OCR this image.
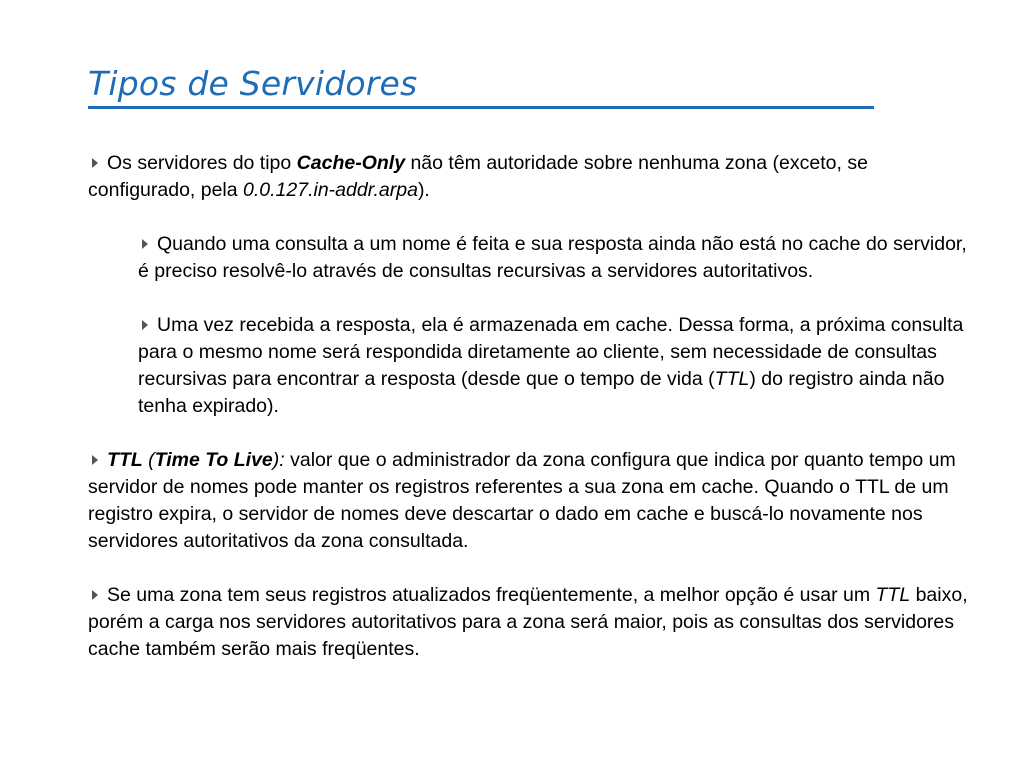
Tipos de Servidores

Os servidores do tipo Cache-Only não têm autoridade sobre nenhuma zona (exceto, se configurado, pela 0.0.127.in-addr.arpa).

Quando uma consulta a um nome é feita e sua resposta ainda não está no cache do servidor, é preciso resolvê-lo através de consultas recursivas a servidores autoritativos.

Uma vez recebida a resposta, ela é armazenada em cache. Dessa forma, a próxima consulta para o mesmo nome será respondida diretamente ao cliente, sem necessidade de consultas recursivas para encontrar a resposta (desde que o tempo de vida (TTL) do registro ainda não tenha expirado).

TTL (Time To Live): valor que o administrador da zona configura que indica por quanto tempo um servidor de nomes pode manter os registros referentes a sua zona em cache. Quando o TTL de um registro expira, o servidor de nomes deve descartar o dado em cache e buscá-lo novamente nos servidores autoritativos da zona consultada.

Se uma zona tem seus registros atualizados freqüentemente, a melhor opção é usar um TTL baixo, porém a carga nos servidores autoritativos para a zona será maior, pois as consultas dos servidores cache também serão mais freqüentes.
